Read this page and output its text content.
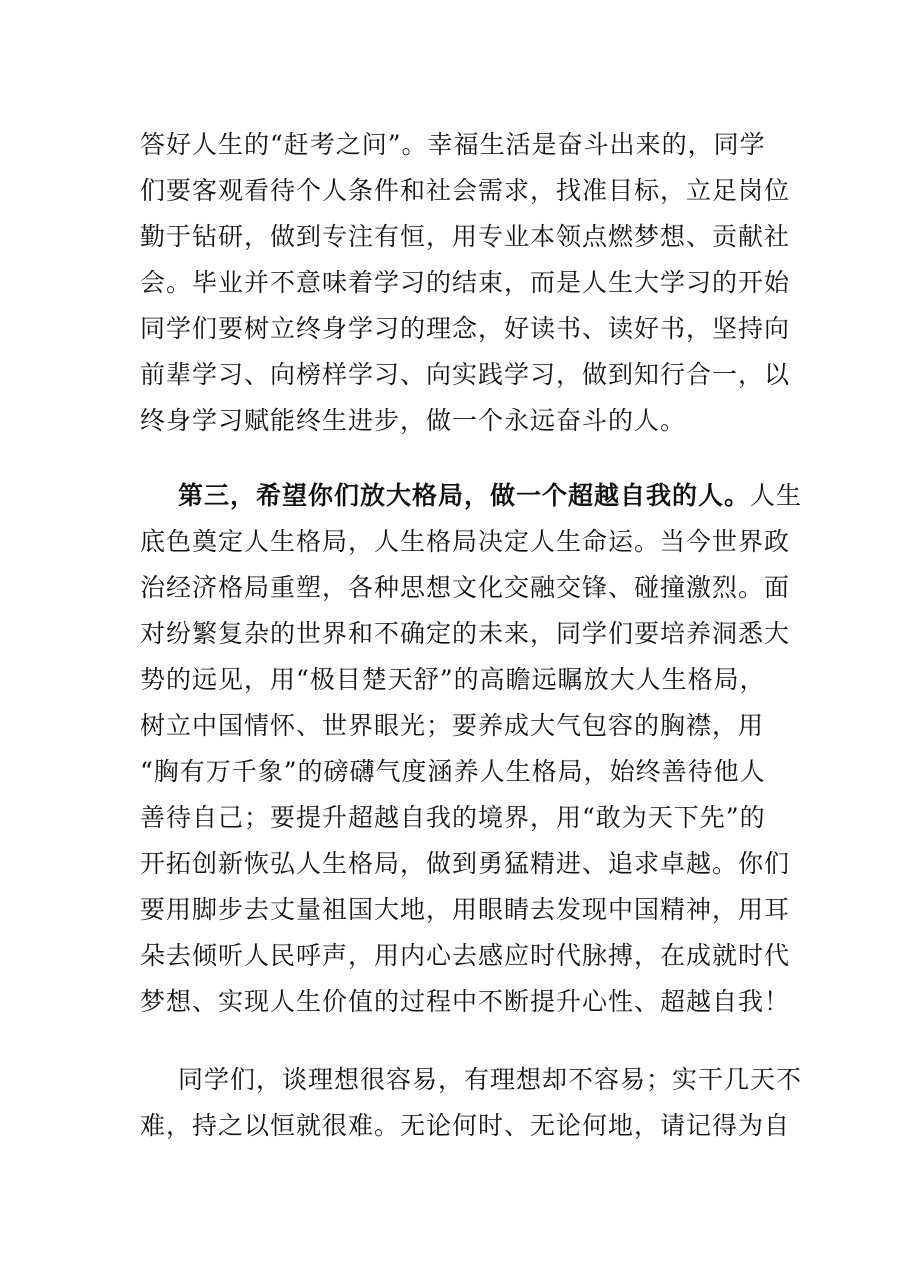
答好人生的“赶考之问”。幸福生活是奋斗出来的，同学
们要客观看待个人条件和社会需求，找准目标，立足岗位
勤于钻研，做到专注有恒，用专业本领点燃梦想、贡献社
会。毕业并不意味着学习的结束，而是人生大学习的开始
同学们要树立终身学习的理念，好读书、读好书，坚持向
前辈学习、向榜样学习、向实践学习，做到知行合一，以
终身学习赋能终生进步，做一个永远奋斗的人。
第三，希望你们放大格局，做一个超越自我的人。人生
底色奠定人生格局，人生格局决定人生命运。当今世界政
治经济格局重塑，各种思想文化交融交锋、碰撞激烈。面
对纷繁复杂的世界和不确定的未来，同学们要培养洞悉大
势的远见，用“极目楚天舒”的高瞻远瞩放大人生格局，
树立中国情怀、世界眼光；要养成大气包容的胸襟，用
“胸有万千象”的磅礴气度涵养人生格局，始终善待他人
善待自己；要提升超越自我的境界，用“敢为天下先”的
开拓创新恢弘人生格局，做到勇猛精进、追求卓越。你们
要用脚步去丈量祖国大地，用眼睛去发现中国精神，用耳
朵去倾听人民呼声，用内心去感应时代脉搏，在成就时代
梦想、实现人生价值的过程中不断提升心性、超越自我！
同学们，谈理想很容易，有理想却不容易；实干几天不
难，持之以恒就很难。无论何时、无论何地，请记得为自
